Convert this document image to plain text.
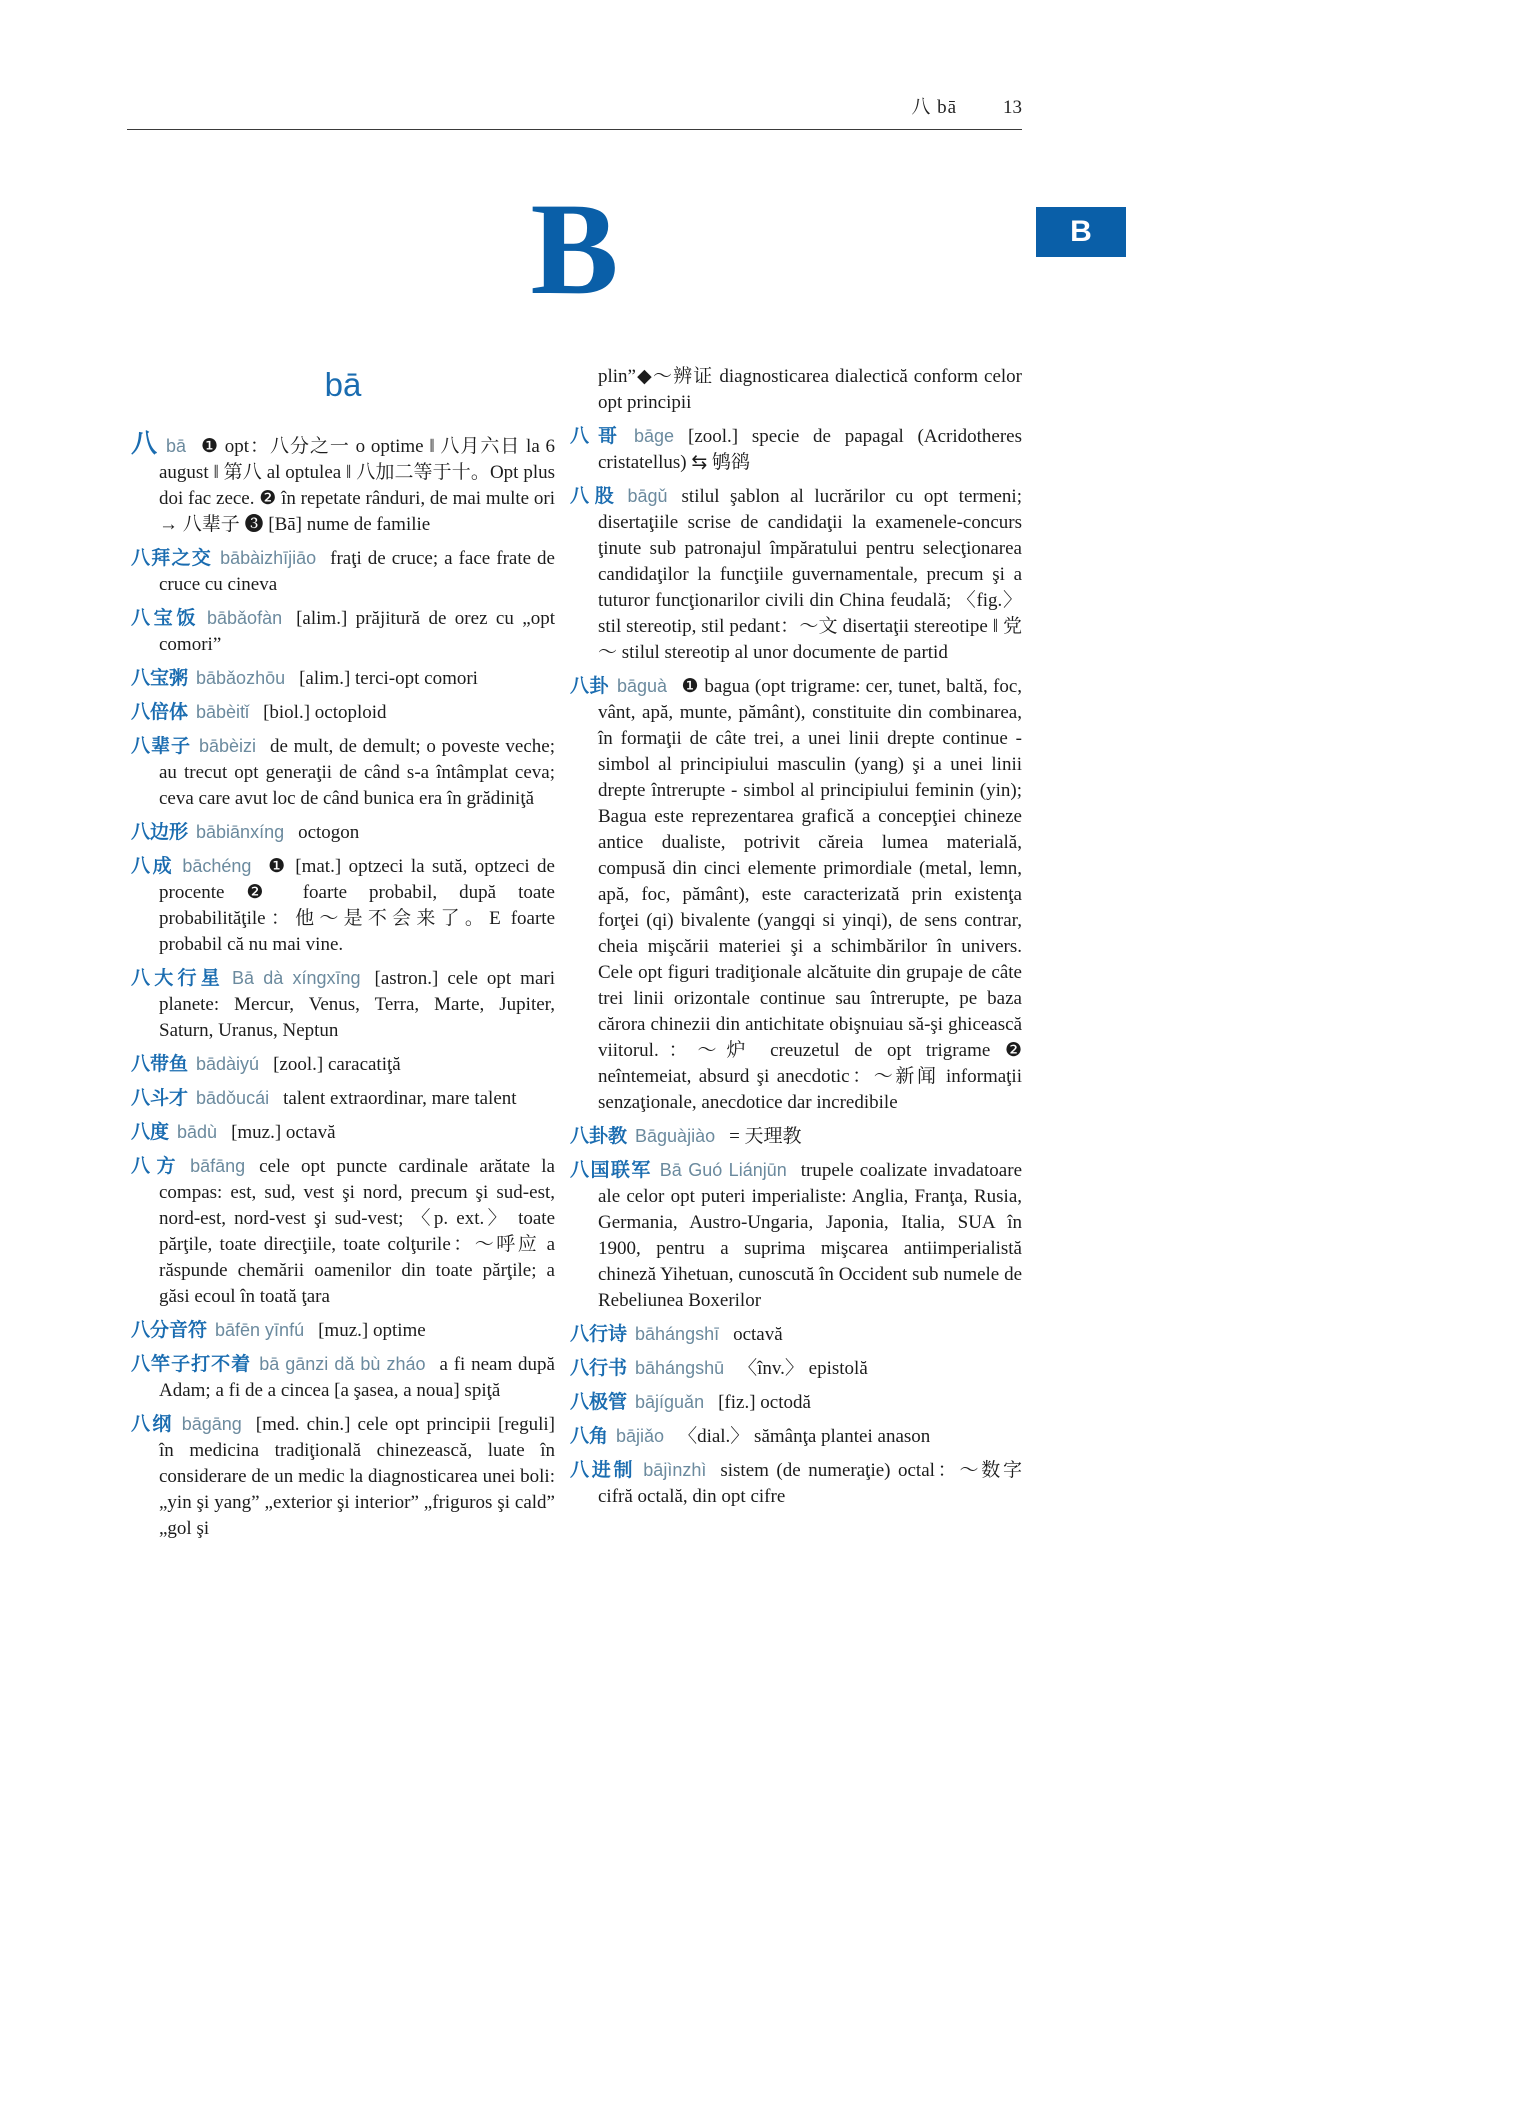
八 bā 13
B
B
bā

八 bā ❶ opt：八分之一 o optime ‖ 八月六日 la 6 august ‖ 第八 al optulea ‖ 八加二等于十。Opt plus doi fac zece. ❷ în repetate rânduri, de mai multe ori → 八辈子 ❸ [Bā] nume de familie

八拜之交 bābàizhījiāo fraţi de cruce; a face frate de cruce cu cineva

八宝饭 bābǎofàn [alim.] prăjitură de orez cu „opt comori”

八宝粥 bābǎozhōu [alim.] terci-opt comori

八倍体 bābèitǐ [biol.] octoploid

八辈子 bābèizi de mult, de demult; o poveste veche; au trecut opt generaţii de când s-a întâmplat ceva; ceva care avut loc de când bunica era în grădiniţă

八边形 bābiānxíng octogon

八成 bāchéng ❶ [mat.] optzeci la sută, optzeci de procente ❷ foarte probabil, după toate probabilităţile：他～是不会来了。E foarte probabil că nu mai vine.

八大行星 Bā dà xíngxīng [astron.] cele opt mari planete: Mercur, Venus, Terra, Marte, Jupiter, Saturn, Uranus, Neptun

八带鱼 bādàiyú [zool.] caracatiţă

八斗才 bādǒucái talent extraordinar, mare talent

八度 bādù [muz.] octavă

八方 bāfāng cele opt puncte cardinale arătate la compas: est, sud, vest şi nord, precum şi sud-est, nord-est, nord-vest şi sud-vest; 〈p. ext.〉 toate părţile, toate direcţiile, toate colţurile：～呼应 a răspunde chemării oamenilor din toate părţile; a găsi ecoul în toată ţara

八分音符 bāfēn yīnfú [muz.] optime

八竿子打不着 bā gānzi dǎ bù zháo a fi neam după Adam; a fi de a cincea [a şasea, a noua] spiţă

八纲 bāgāng [med. chin.] cele opt principii [reguli] în medicina tradiţională chinezească, luate în considerare de un medic la diagnosticarea unei boli: „yin şi yang” „exterior şi interior” „friguros şi cald” „gol şi

plin”◆～辨证 diagnosticarea dialectică conform celor opt principii

八哥 bāge [zool.] specie de papagal (Acridotheres cristatellus) ⇆ 鸲鹆

八股 bāgǔ stilul şablon al lucrărilor cu opt termeni; disertaţiile scrise de candidaţii la examenele-concurs ţinute sub patronajul împăratului pentru selecţionarea candidaţilor la funcţiile guvernamentale, precum şi a tuturor funcţionarilor civili din China feudală; 〈fig.〉 stil stereotip, stil pedant：～文 disertaţii stereotipe ‖ 党～ stilul stereotip al unor documente de partid

八卦 bāguà ❶ bagua (opt trigrame: cer, tunet, baltă, foc, vânt, apă, munte, pământ), constituite din combinarea, în formaţii de câte trei, a unei linii drepte continue - simbol al principiului masculin (yang) şi a unei linii drepte întrerupte - simbol al principiului feminin (yin); Bagua este reprezentarea grafică a concepţiei chineze antice dualiste, potrivit căreia lumea materială, compusă din cinci elemente primordiale (metal, lemn, apă, foc, pământ), este caracterizată prin existenţa forţei (qi) bivalente (yangqi si yinqi), de sens contrar, cheia mişcării materiei şi a schimbărilor în univers. Cele opt figuri tradiţionale alcătuite din grupaje de câte trei linii orizontale continue sau întrerupte, pe baza cărora chinezii din antichitate obişnuiau să-şi ghicească viitorul.：～炉 creuzetul de opt trigrame ❷ neîntemeiat, absurd şi anecdotic：～新闻 informaţii senzaţionale, anecdotice dar incredibile

八卦教 Bāguàjiào = 天理教

八国联军 Bā Guó Liánjūn trupele coalizate invadatoare ale celor opt puteri imperialiste: Anglia, Franţa, Rusia, Germania, Austro-Ungaria, Japonia, Italia, SUA în 1900, pentru a suprima mişcarea antiimperialistă chineză Yihetuan, cunoscută în Occident sub numele de Rebeliunea Boxerilor

八行诗 bāhángshī octavă

八行书 bāhángshū 〈înv.〉 epistolă

八极管 bājíguǎn [fiz.] octodă

八角 bājiǎo 〈dial.〉 sămânţa plantei anason

八进制 bājìnzhì sistem (de numeraţie) octal：～数字 cifră octală, din opt cifre
